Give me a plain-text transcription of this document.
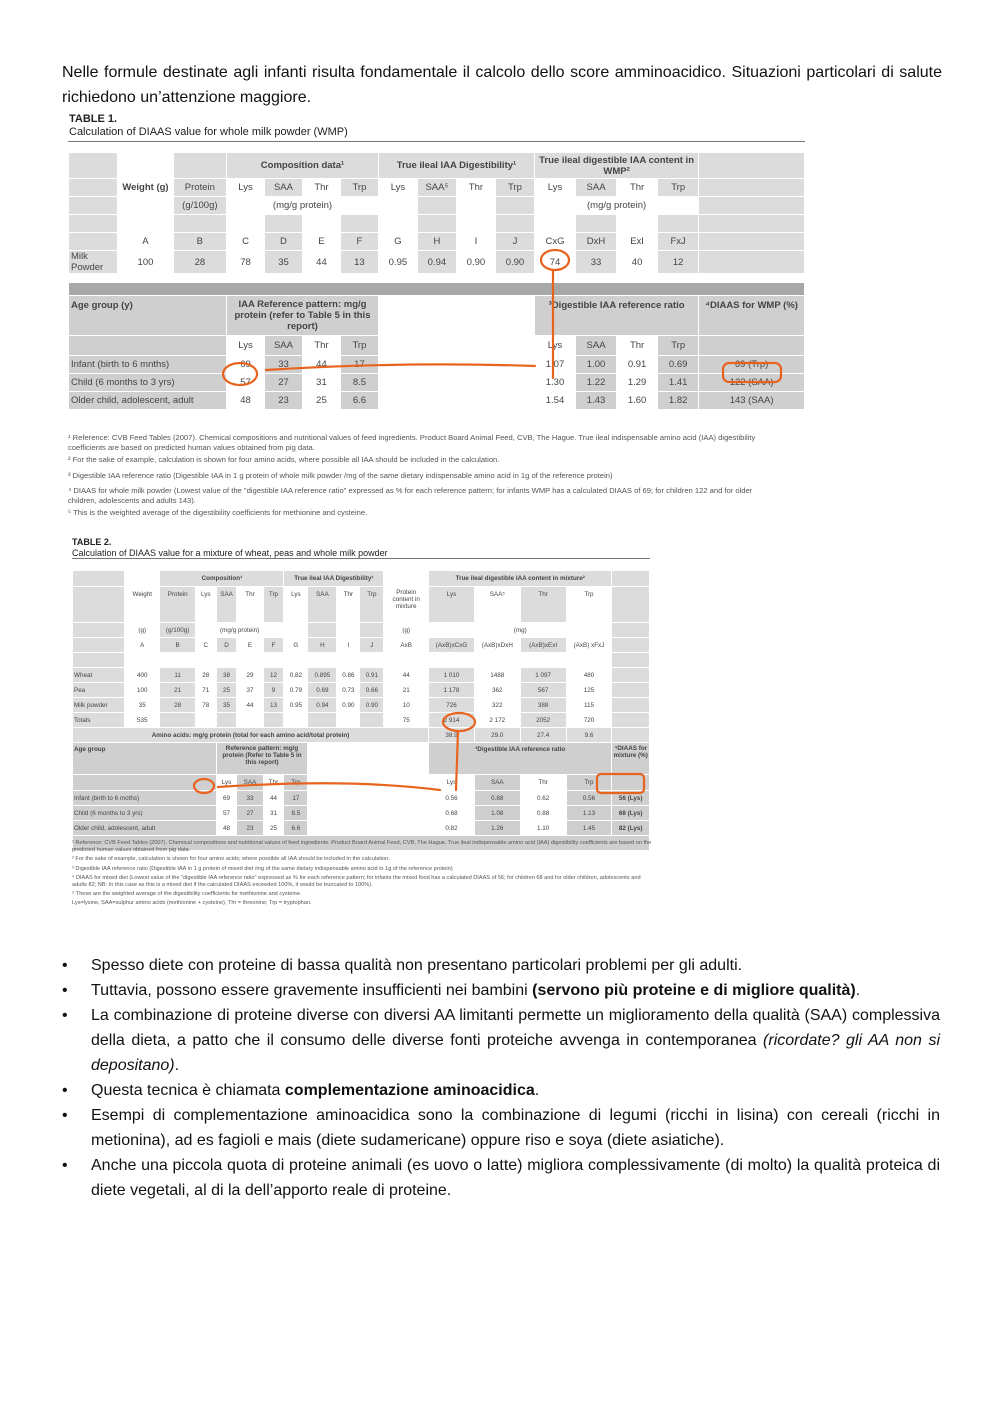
Nelle formule destinate agli infanti risulta fondamentale il calcolo dello score amminoacidico. Situazioni particolari di salute richiedono un’attenzione maggiore.

TABLE 1.
Calculation of DIAAS value for whole milk powder (WMP)
			Composition data¹				True ileal IAA Digestibility¹				True ileal digestible IAA content in WMP²				
	Weight (g)	Protein	Lys	SAA	Thr	Trp	Lys	SAA⁵	Thr	Trp	Lys	SAA	Thr	Trp	
		(g/100g)	(mg/g protein)								(mg/g protein)				

	A	B	C	D	E	F	G	H	I	J	CxG	DxH	ExI	FxJ	
Milk Powder	100	28	78	35	44	13	0.95	0.94	0.90	0.90	74	33	40	12	

Age group (y)			IAA Reference pattern: mg/g protein (refer to Table 5 in this report)								³Digestible IAA reference ratio				⁴DIAAS for WMP (%)
			Lys	SAA	Thr	Trp					Lys	SAA	Thr	Trp	
Infant (birth to 6 mnths)			69	33	44	17					1.07	1.00	0.91	0.69	69 (Trp)
Child (6 months to 3 yrs)			57	27	31	8.5					1.30	1.22	1.29	1.41	122 (SAA)
Older child, adolescent, adult			48	23	25	6.6					1.54	1.43	1.60	1.82	143 (SAA)

¹ Reference: CVB Feed Tables (2007). Chemical compositions and nutritional values of feed ingredients. Product Board Animal Feed, CVB, The Hague. True ileal indispensable amino acid (IAA) digestibility coefficients are based on predicted human values obtained from pig data.

² For the sake of example, calculation is shown for four amino acids, where possible all IAA should be included in the calculation.

³ Digestible IAA reference ratio (Digestible IAA in 1 g protein of whole milk powder /mg of the same dietary indispensable amino acid in 1g of the reference protein)

⁴ DIAAS for whole milk powder (Lowest value of the "digestible IAA reference ratio" expressed as % for each reference pattern; for infants WMP has a calculated DIAAS of 69; for children 122 and for older children, adolescents and adults 143).

⁵ This is the weighted average of the digestibility coefficients for methionine and cysteine.

TABLE 2.
Calculation of DIAAS value for a mixture of wheat, peas and whole milk powder
		Composition¹					True ileal IAA Digestibility¹					True ileal digestible IAA content in mixture²				
	Weight	Protein	Lys	SAA	Thr	Trp	Lys	SAA	Thr	Trp	Protein content in mixture	Lys	SAA⁵	Thr	Trp	
	(g)	(g/100g)	(mg/g protein)								(g)	(mg)				
	A	B	C	D	E	F	G	H	I	J	AxB	(AxB)xCxG	(AxB)xDxH	(AxB)xExI	(AxB) xFxJ	

Wheat	400	11	28	38	29	12	0.82	0.895	0.86	0.91	44	1 010	1488	1 097	480	
Pea	100	21	71	25	37	9	0.79	0.69	0.73	0.66	21	1 178	362	567	125	
Milk powder	35	28	78	35	44	13	0.95	0.94	0.90	0.90	10	726	322	388	115	
Totals	535										75	2 914	2 172	2052	720	
Amino acids: mg/g protein (total for each amino acid/total protein)												38.9	29.0	27.4	9.6	
Age group				Reference pattern: mg/g protein (Refer to Table 5 in this report)								³Digestible IAA reference ratio				⁴DIAAS for mixture (%)
				Lys	SAA	Thr	Trp					Lys	SAA	Thr	Trp	
Infant (birth to 6 moths)				69	33	44	17					0.56	0.88	0.62	0.56	56 (Lys)
Child (6 months to 3 yrs)				57	27	31	8.5					0.68	1.08	0.88	1.13	68 (Lys)
Older child, adolescent, adult				48	23	25	6.6					0.82	1.26	1.10	1.45	82 (Lys)

¹ Reference: CVB Feed Tables (2007). Chemical compositions and nutritional values of feed ingredients. Product Board Animal Feed, CVB, The Hague. True ileal indispensable amino acid (IAA) digestibility coefficients are based on the predicted human values obtained from pig data.

² For the sake of example, calculation is shown for four amino acids; where possible all IAA should be included in the calculation.

³ Digestible IAA reference ratio (Digestible IAA in 1 g protein of mixed diet /mg of the same dietary indispensable amino acid in 1g of the reference protein)

⁴ DIAAS for mixed diet (Lowest value of the "digestible IAA reference ratio" expressed as % for each reference pattern; for infants the mixed food has a calculated DIAAS of 56; for children 68 and for older children, adolescents and adults 82; NB: In this case as this is a mixed diet if the calculated DIAAS exceeded 100%, it would be truncated to 100%).

⁵ These are the weighted average of the digestibility coefficients for methionine and cysteine.

Lys=lysine, SAA=sulphur amino acids (methionine + cysteine), Thr = threonine; Trp = tryptophan.

• Spesso diete con proteine di bassa qualità non presentano particolari problemi per gli adulti.
• Tuttavia, possono essere gravemente insufficienti nei bambini (servono più proteine e di migliore qualità).
• La combinazione di proteine diverse con diversi AA limitanti permette un miglioramento della qualità (SAA) complessiva della dieta, a patto che il consumo delle diverse fonti proteiche avvenga in contemporanea (ricordate? gli AA non si depositano).
• Questa tecnica è chiamata complementazione aminoacidica.
• Esempi di complementazione aminoacidica sono la combinazione di legumi (ricchi in lisina) con cereali (ricchi in metionina), ad es fagioli e mais (diete sudamericane) oppure riso e soya (diete asiatiche).
• Anche una piccola quota di proteine animali (es uovo o latte) migliora complessivamente (di molto) la qualità proteica di diete vegetali, al di la dell’apporto reale di proteine.
